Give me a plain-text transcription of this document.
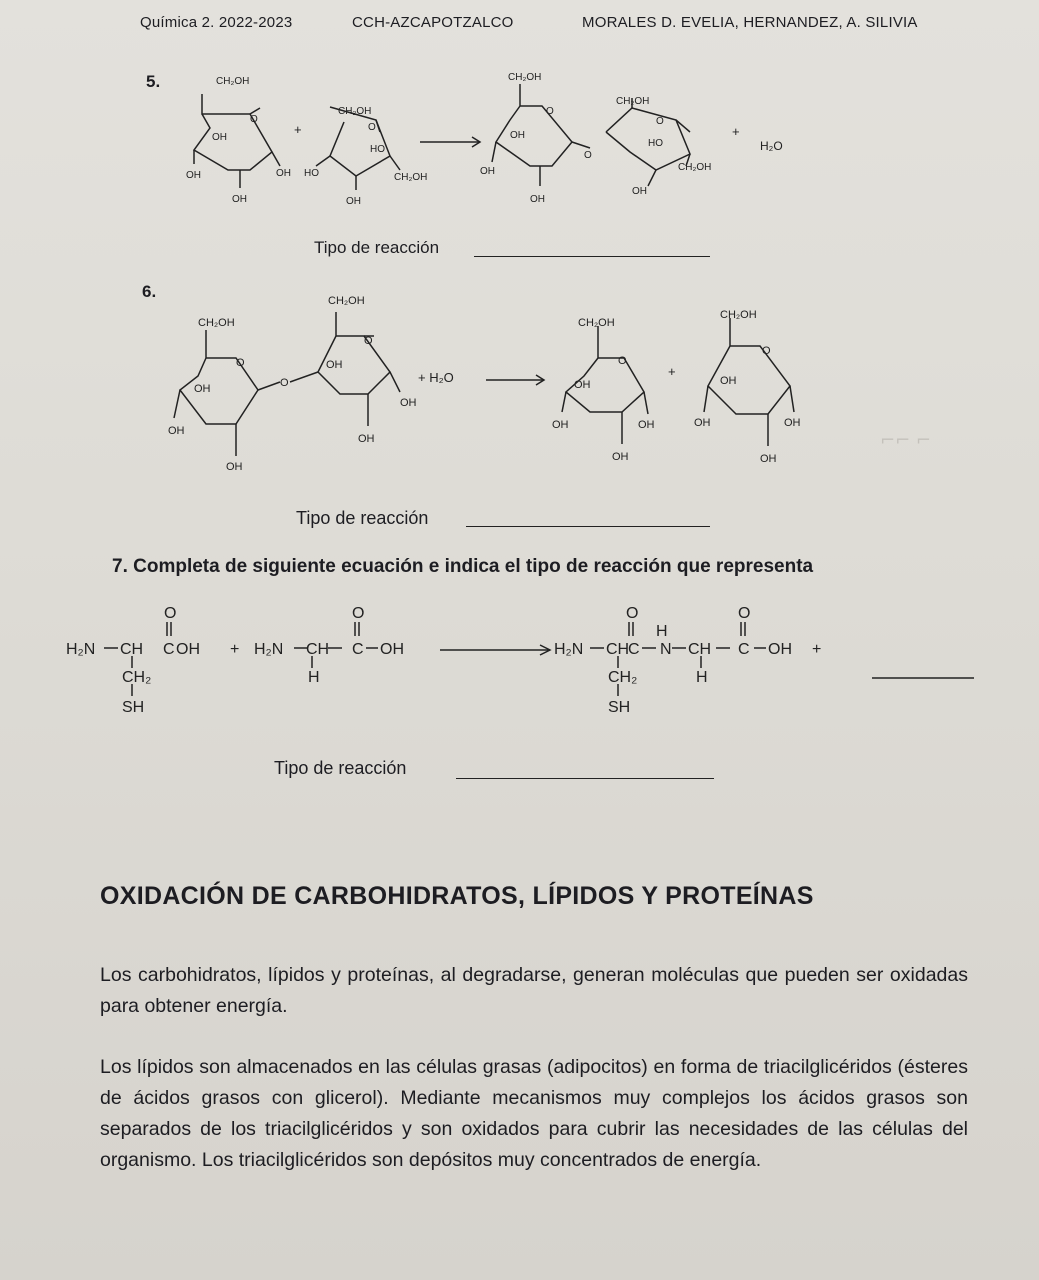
⌐⌐ ⌐
Química 2. 2022-2023	CCH-AZCAPOTZALCO	MORALES D. EVELIA, HERNANDEZ, A. SILIVIA
5.	CH₂OH
O
OH
OH	OH
OH
+
CH₂OH
O
HO
HO	CH₂OH
OH
CH₂OH
O
OH
OH
OH
O
CH₂OH
O
HO
CH₂OH
OH
+
H₂O
Tipo de reacción
6.
CH₂OH
O
OH
OH
OH
O
CH₂OH
O
OH
OH
OH
+ H₂O
CH₂OH
O
OH
OH	OH
OH
+
CH₂OH
O
OH
OH	OH
OH
Tipo de reacción
7. Completa de siguiente ecuación e indica el tipo de reacción que representa
H₂N CH C
O
OH
CH₂
SH
+ H₂N CH
H
C
O
OH	H₂N CH
C
O
N
H
CH₂
SH
CH
H
C
O
OH +
Tipo de reacción
OXIDACIÓN DE CARBOHIDRATOS, LÍPIDOS Y PROTEÍNAS
Los carbohidratos, lípidos y proteínas, al degradarse, generan moléculas que pueden ser oxidadas para obtener energía.
Los lípidos son almacenados en las células grasas (adipocitos) en forma de triacilglicéridos (ésteres de ácidos grasos con glicerol). Mediante mecanismos muy complejos los ácidos grasos son separados de los triacilglicéridos y son oxidados para cubrir las necesidades de las células del organismo. Los triacilglicéridos son depósitos muy concentrados de energía.
